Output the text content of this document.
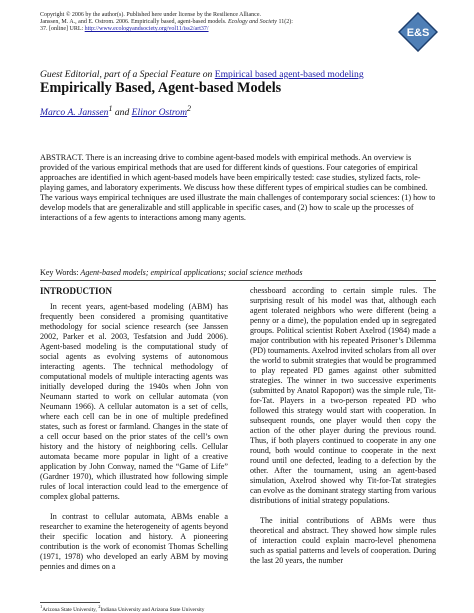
Copyright © 2006 by the author(s). Published here under license by the Resilience Alliance.
Janssen, M. A., and E. Ostrom. 2006. Empirically based, agent-based models. Ecology and Society 11(2):
37. [online] URL: http://www.ecologyandsociety.org/vol11/iss2/art37/	E&S
Guest Editorial, part of a Special Feature on Empirical based agent-based modeling
Empirically Based, Agent-based Models
Marco A. Janssen$^1$ and Elinor Ostrom$^2$

ABSTRACT. There is an increasing drive to combine agent-based models with empirical methods. An overview is provided of the various empirical methods that are used for different kinds of questions. Four categories of empirical approaches are identified in which agent-based models have been empirically tested: case studies, stylized facts, role-playing games, and laboratory experiments. We discuss how these different types of empirical studies can be combined. The various ways empirical techniques are used illustrate the main challenges of contemporary social sciences: (1) how to develop models that are generalizable and still applicable in specific cases, and (2) how to scale up the processes of interactions of a few agents to interactions among many agents.

Key Words: Agent-based models; empirical applications; social science methods

INTRODUCTION

In recent years, agent-based modeling (ABM) has frequently been considered a promising quantitative methodology for social science research (see Janssen 2002, Parker et al. 2003, Tesfatsion and Judd 2006). Agent-based modeling is the computational study of social agents as evolving systems of autonomous interacting agents. The technical methodology of computational models of multiple interacting agents was initially developed during the 1940s when John von Neumann started to work on cellular automata (von Neumann 1966). A cellular automaton is a set of cells, where each cell can be in one of multiple predefined states, such as forest or farmland. Changes in the state of a cell occur based on the prior states of the cell’s own history and the history of neighboring cells. Cellular automata became more popular in light of a creative application by John Conway, named the “Game of Life” (Gardner 1970), which illustrated how following simple rules of local interaction could lead to the emergence of complex global patterns.

In contrast to cellular automata, ABMs enable a researcher to examine the heterogeneity of agents beyond their specific location and history. A pioneering contribution is the work of economist Thomas Schelling (1971, 1978) who developed an early ABM by moving pennies and dimes on a

chessboard according to certain simple rules. The surprising result of his model was that, although each agent tolerated neighbors who were different (being a penny or a dime), the population ended up in segregated groups. Political scientist Robert Axelrod (1984) made a major contribution with his repeated Prisoner’s Dilemma (PD) tournaments. Axelrod invited scholars from all over the world to submit strategies that would be programmed to play repeated PD games against other submitted strategies. The winner in two successive experiments (submitted by Anatol Rapoport) was the simple rule, Tit-for-Tat. Players in a two-person repeated PD who followed this strategy would start with cooperation. In subsequent rounds, one player would then copy the action of the other player during the previous round. Thus, if both players continued to cooperate in any one round, both would continue to cooperate in the next round until one defected, leading to a defection by the other. After the tournament, using an agent-based simulation, Axelrod showed why Tit-for-Tat strategies can evolve as the dominant strategy starting from various distributions of initial strategy populations.

The initial contributions of ABMs were thus theoretical and abstract. They showed how simple rules of interaction could explain macro-level phenomena such as spatial patterns and levels of cooperation. During the last 20 years, the number

$^1$Arizona State University, $^2$Indiana University and Arizona State University
